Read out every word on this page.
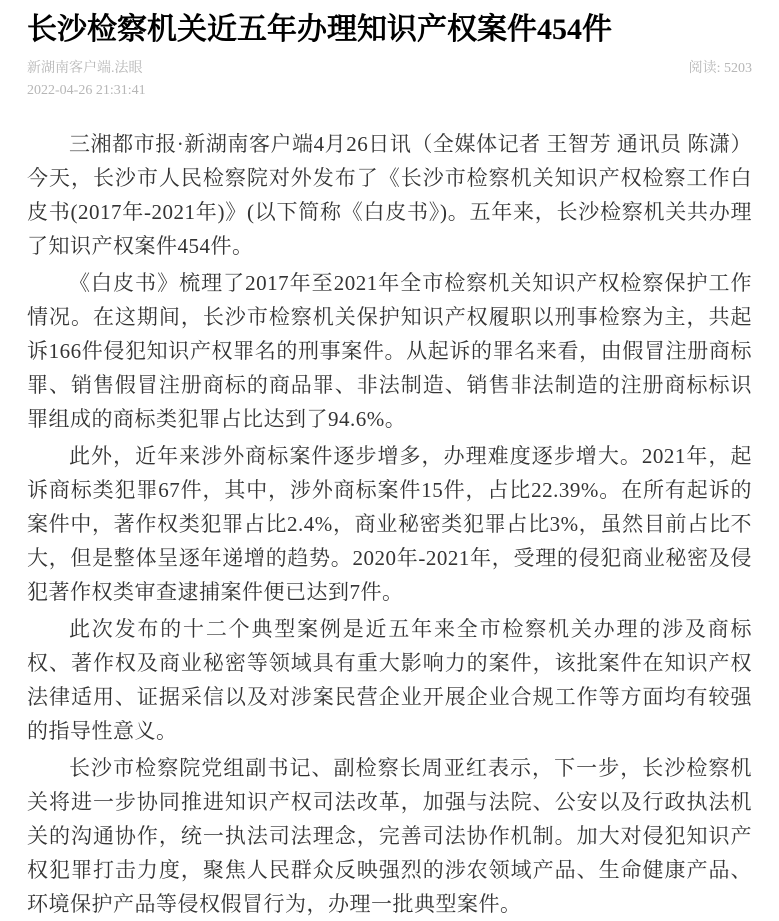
长沙检察机关近五年办理知识产权案件454件
新湖南客户端.法眼
2022-04-26 21:31:41
阅读: 5203

三湘都市报·新湖南客户端4月26日讯（全媒体记者 王智芳 通讯员 陈潇）今天，长沙市人民检察院对外发布了《长沙市检察机关知识产权检察工作白皮书(2017年-2021年)》(以下简称《白皮书》)。五年来，长沙检察机关共办理了知识产权案件454件。

《白皮书》梳理了2017年至2021年全市检察机关知识产权检察保护工作情况。在这期间，长沙市检察机关保护知识产权履职以刑事检察为主，共起诉166件侵犯知识产权罪名的刑事案件。从起诉的罪名来看，由假冒注册商标罪、销售假冒注册商标的商品罪、非法制造、销售非法制造的注册商标标识罪组成的商标类犯罪占比达到了94.6%。

此外，近年来涉外商标案件逐步增多，办理难度逐步增大。2021年，起诉商标类犯罪67件，其中，涉外商标案件15件，占比22.39%。在所有起诉的案件中，著作权类犯罪占比2.4%，商业秘密类犯罪占比3%，虽然目前占比不大，但是整体呈逐年递增的趋势。2020年-2021年，受理的侵犯商业秘密及侵犯著作权类审查逮捕案件便已达到7件。

此次发布的十二个典型案例是近五年来全市检察机关办理的涉及商标权、著作权及商业秘密等领域具有重大影响力的案件，该批案件在知识产权法律适用、证据采信以及对涉案民营企业开展企业合规工作等方面均有较强的指导性意义。

长沙市检察院党组副书记、副检察长周亚红表示，下一步，长沙检察机关将进一步协同推进知识产权司法改革，加强与法院、公安以及行政执法机关的沟通协作，统一执法司法理念，完善司法协作机制。加大对侵犯知识产权犯罪打击力度，聚焦人民群众反映强烈的涉农领域产品、生命健康产品、环境保护产品等侵权假冒行为，办理一批典型案件。
